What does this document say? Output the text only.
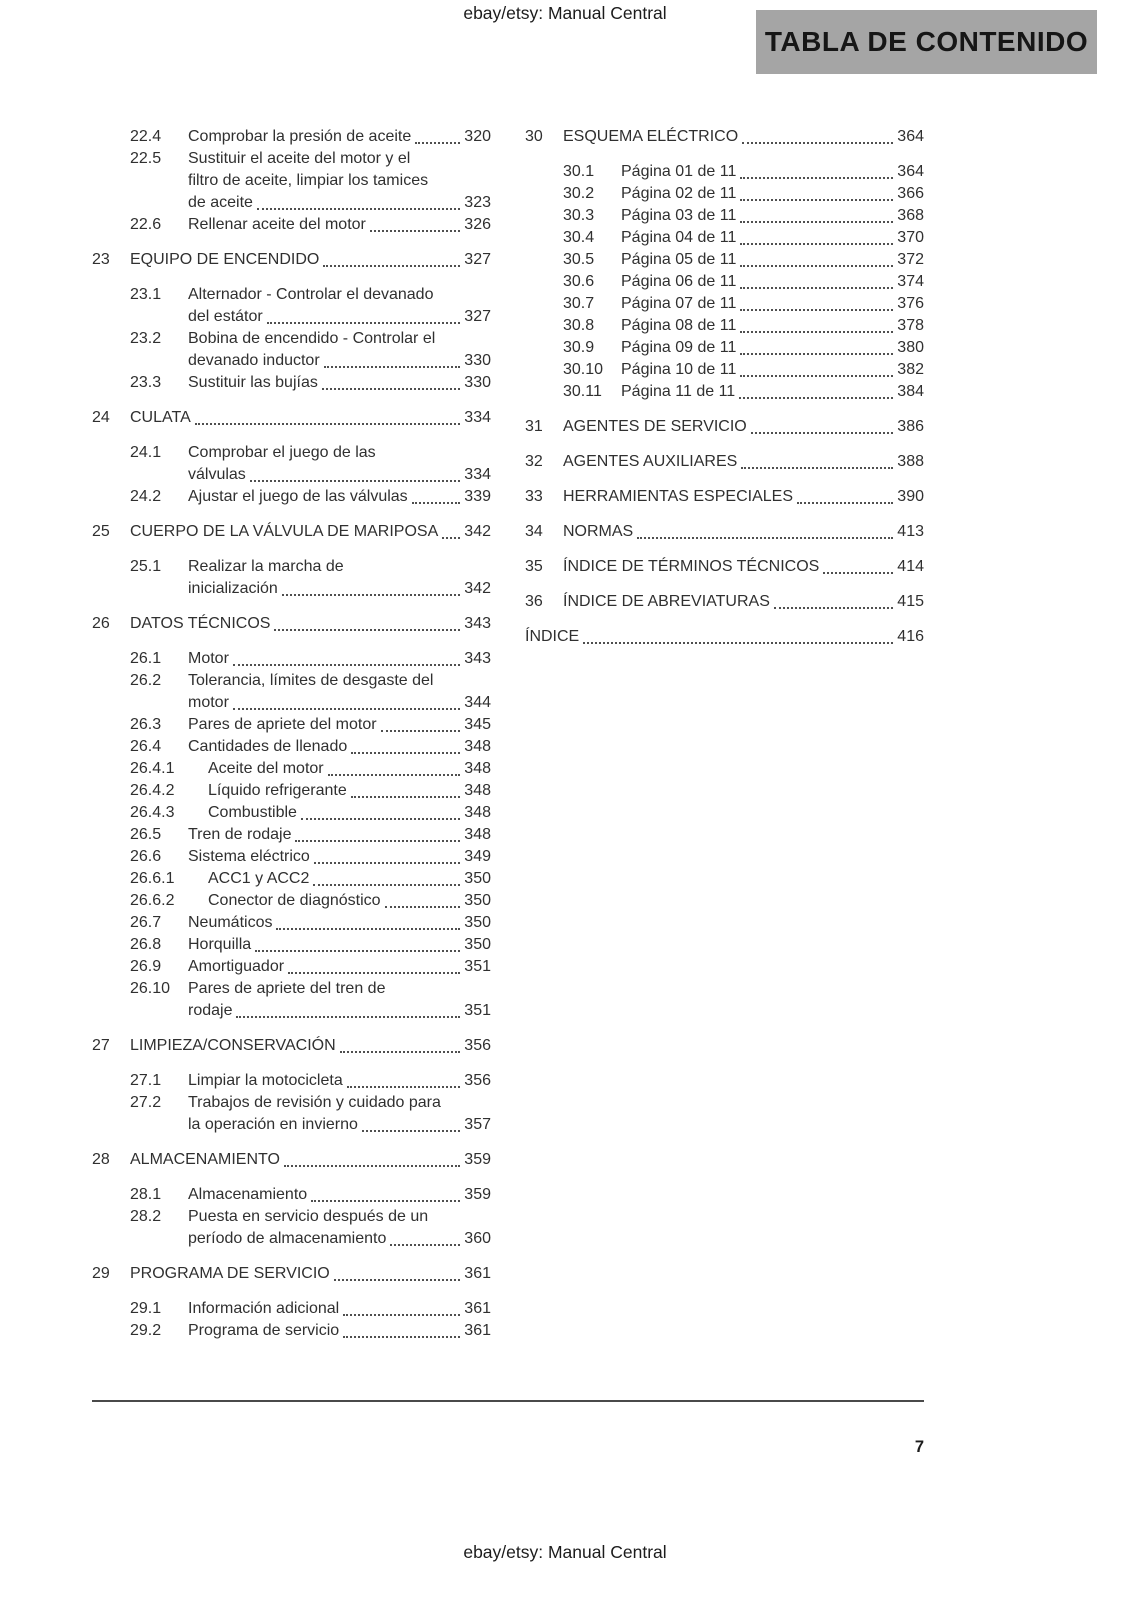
ebay/etsy: Manual Central
TABLA DE CONTENIDO
22.4	Comprobar la presión de aceite	320
22.5	Sustituir el aceite del motor y el
filtro de aceite, limpiar los tamices
de aceite	323
22.6	Rellenar aceite del motor	326
23	EQUIPO DE ENCENDIDO	327
23.1	Alternador - Controlar el devanado
del estátor	327
23.2	Bobina de encendido - Controlar el
devanado inductor	330
23.3	Sustituir las bujías	330
24	CULATA	334
24.1	Comprobar el juego de las
válvulas	334
24.2	Ajustar el juego de las válvulas	339
25	CUERPO DE LA VÁLVULA DE MARIPOSA 342
25.1	Realizar la marcha de
inicialización	342
26	DATOS TÉCNICOS	343
26.1	Motor	343
26.2	Tolerancia, límites de desgaste del
motor	344
26.3	Pares de apriete del motor	345
26.4	Cantidades de llenado	348
26.4.1	Aceite del motor	348
26.4.2	Líquido refrigerante	348
26.4.3	Combustible	348
26.5	Tren de rodaje	348
26.6	Sistema eléctrico	349
26.6.1	ACC1 y ACC2	350
26.6.2	Conector de diagnóstico	350
26.7	Neumáticos	350
26.8	Horquilla	350
26.9	Amortiguador	351
26.10	Pares de apriete del tren de
rodaje	351
27	LIMPIEZA/CONSERVACIÓN	356
27.1	Limpiar la motocicleta	356
27.2	Trabajos de revisión y cuidado para
la operación en invierno	357
28	ALMACENAMIENTO	359
28.1	Almacenamiento	359
28.2	Puesta en servicio después de un
período de almacenamiento	360
29	PROGRAMA DE SERVICIO	361
29.1	Información adicional	361
29.2	Programa de servicio	361
30	ESQUEMA ELÉCTRICO	364
30.1	Página 01 de 11	364
30.2	Página 02 de 11	366
30.3	Página 03 de 11	368
30.4	Página 04 de 11	370
30.5	Página 05 de 11	372
30.6	Página 06 de 11	374
30.7	Página 07 de 11	376
30.8	Página 08 de 11	378
30.9	Página 09 de 11	380
30.10	Página 10 de 11	382
30.11	Página 11 de 11	384
31	AGENTES DE SERVICIO	386
32	AGENTES AUXILIARES	388
33	HERRAMIENTAS ESPECIALES	390
34	NORMAS	413
35	ÍNDICE DE TÉRMINOS TÉCNICOS	414
36	ÍNDICE DE ABREVIATURAS	415
ÍNDICE	416
7
ebay/etsy: Manual Central
